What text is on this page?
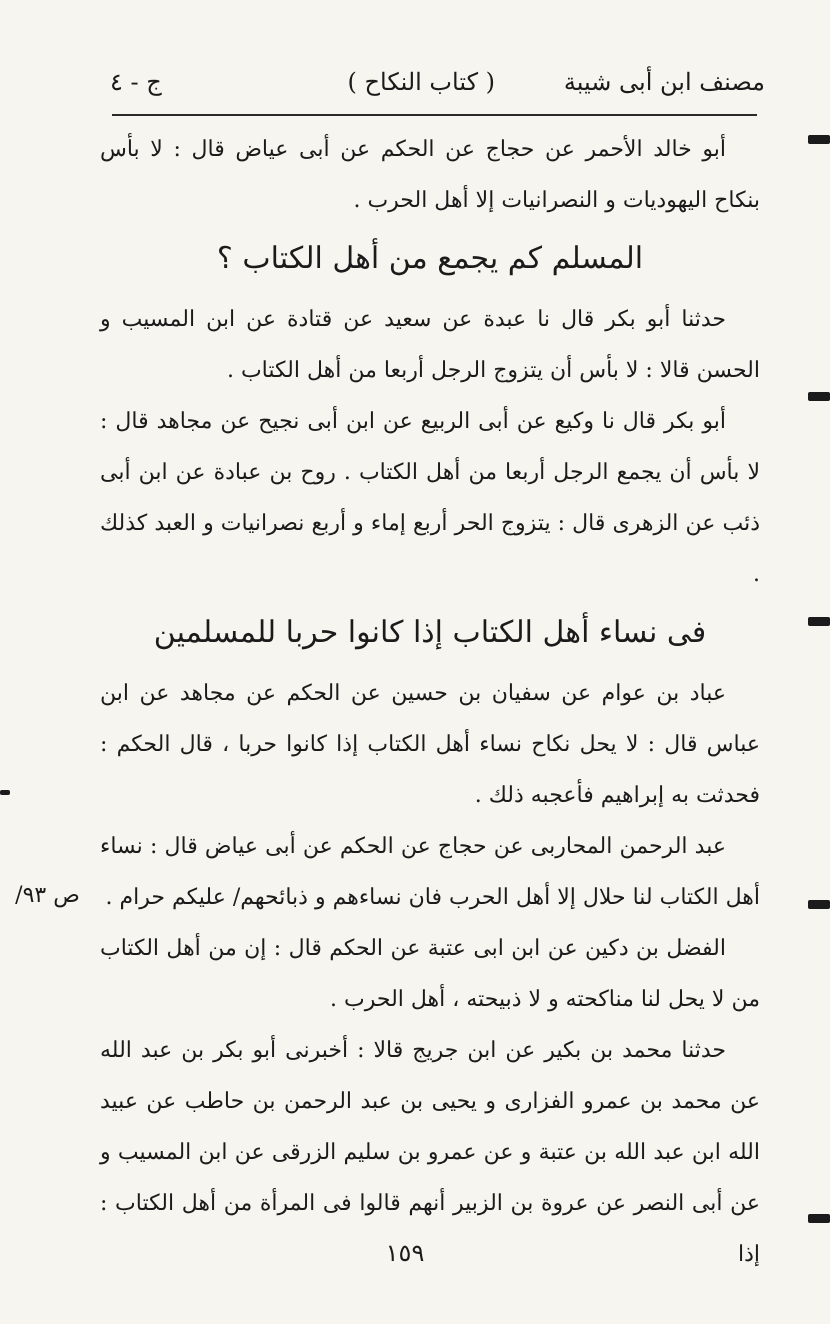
مصنف ابن أبى شيبة
( كتاب النكاح )
ج - ٤

أبو خالد الأحمر عن حجاج عن الحكم عن أبى عياض قال : لا بأس بنكاح اليهوديات و النصرانيات إلا أهل الحرب .

المسلم كم يجمع من أهل الكتاب ؟

حدثنا أبو بكر قال نا عبدة عن سعيد عن قتادة عن ابن المسيب و الحسن قالا : لا بأس أن يتزوج الرجل أربعا من أهل الكتاب .

أبو بكر قال نا وكيع عن أبى الربيع عن ابن أبى نجيح عن مجاهد قال : لا بأس أن يجمع الرجل أربعا من أهل الكتاب . روح بن عبادة عن ابن أبى ذئب عن الزهرى قال : يتزوج الحر أربع إماء و أربع نصرانيات و العبد كذلك .

فى نساء أهل الكتاب إذا كانوا حربا للمسلمين

عباد بن عوام عن سفيان بن حسين عن الحكم عن مجاهد عن ابن عباس قال : لا يحل نكاح نساء أهل الكتاب إذا كانوا حربا ، قال الحكم : فحدثت به إبراهيم فأعجبه ذلك .

عبد الرحمن المحاربى عن حجاج عن الحكم عن أبى عياض قال : نساء أهل الكتاب لنا حلال إلا أهل الحرب فان نساءهم و ذبائحهم/ عليكم حرام .

الفضل بن دكين عن ابن ابى عتبة عن الحكم قال : إن من أهل الكتاب من لا يحل لنا مناكحته و لا ذبيحته ، أهل الحرب .

حدثنا محمد بن بكير عن ابن جريج قالا : أخبرنى أبو بكر بن عبد الله عن محمد بن عمرو الفزارى و يحيى بن عبد الرحمن بن حاطب عن عبيد الله ابن عبد الله بن عتبة و عن عمرو بن سليم الزرقى عن ابن المسيب و عن أبى النصر عن عروة بن الزبير أنهم قالوا فى المرأة من أهل الكتاب : إذا

ص ٩٣/
١٥٩
